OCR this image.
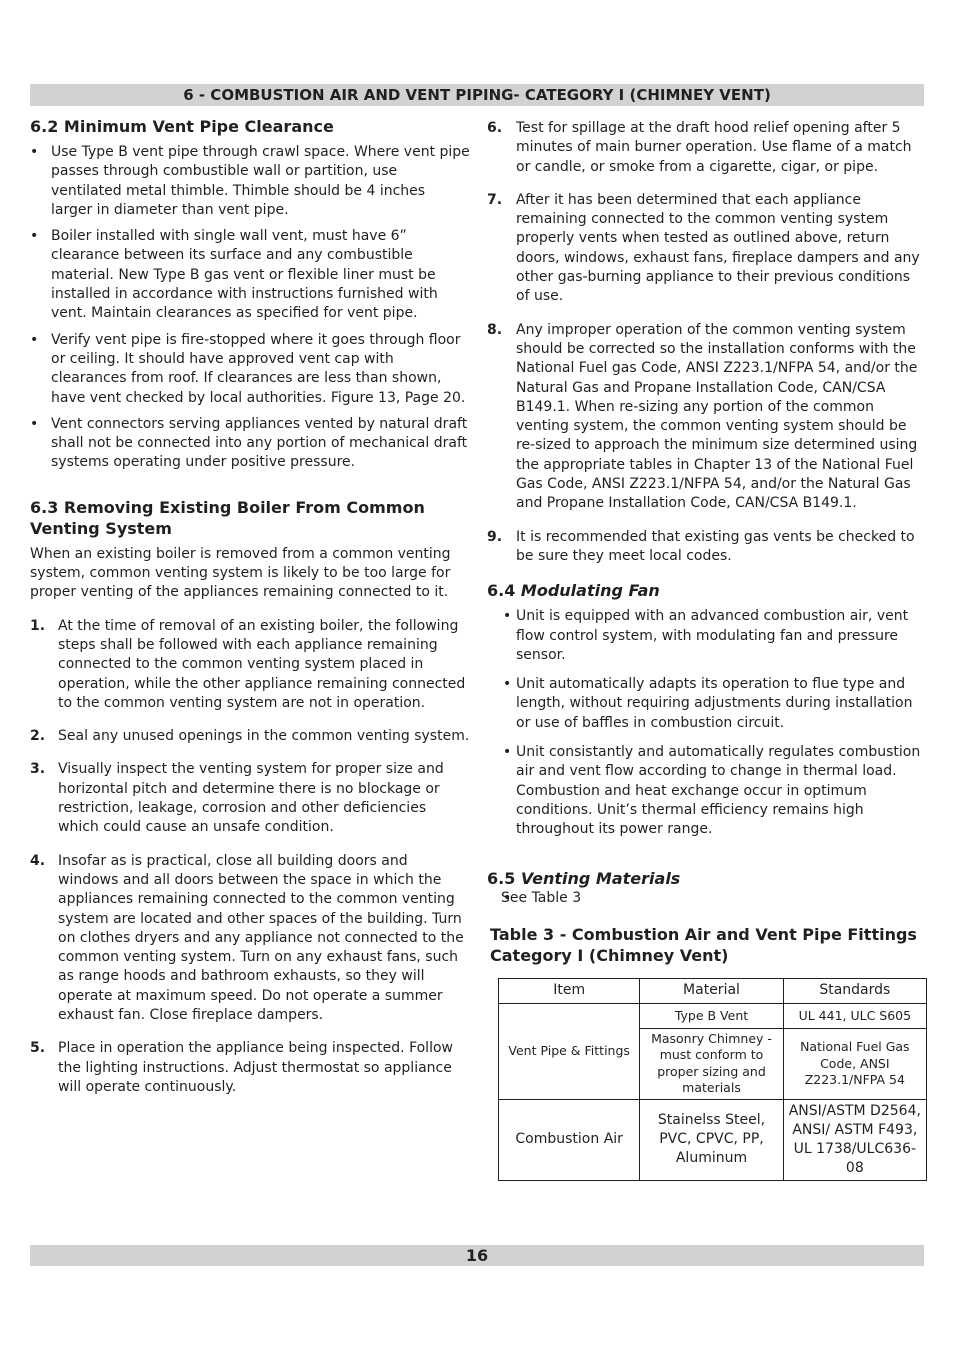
6 - COMBUSTION AIR AND VENT PIPING- CATEGORY I (CHIMNEY VENT)
6.2 Minimum Vent Pipe Clearance
• Use Type B vent pipe through crawl space. Where vent pipe passes through combustible wall or partition, use ventilated metal thimble. Thimble should be 4 inches larger in diameter than vent pipe.
• Boiler installed with single wall vent, must have 6” clearance between its surface and any combustible material. New Type B gas vent or flexible liner must be installed in accordance with instructions furnished with vent. Maintain clearances as specified for vent pipe.
• Verify vent pipe is fire-stopped where it goes through floor or ceiling. It should have approved vent cap with clearances from roof. If clearances are less than shown, have vent checked by local authorities. Figure 13, Page 20.
• Vent connectors serving appliances vented by natural draft shall not be connected into any portion of mechanical draft systems operating under positive pressure.
6.3 Removing Existing Boiler From Common Venting System

When an existing boiler is removed from a common venting system, common venting system is likely to be too large for proper venting of the appliances remaining connected to it.

1. At the time of removal of an existing boiler, the following steps shall be followed with each appliance remaining connected to the common venting system placed in operation, while the other appliance remaining connected to the common venting system are not in operation.
2. Seal any unused openings in the common venting system.
3. Visually inspect the venting system for proper size and horizontal pitch and determine there is no blockage or restriction, leakage, corrosion and other deficiencies which could cause an unsafe condition.
4. Insofar as is practical, close all building doors and windows and all doors between the space in which the appliances remaining connected to the common venting system are located and other spaces of the building. Turn on clothes dryers and any appliance not connected to the common venting system. Turn on any exhaust fans, such as range hoods and bathroom exhausts, so they will operate at maximum speed. Do not operate a summer exhaust fan. Close fireplace dampers.
5. Place in operation the appliance being inspected. Follow the lighting instructions. Adjust thermostat so appliance will operate continuously.
6. Test for spillage at the draft hood relief opening after 5 minutes of main burner operation. Use flame of a match or candle, or smoke from a cigarette, cigar, or pipe.
7. After it has been determined that each appliance remaining connected to the common venting system properly vents when tested as outlined above, return doors, windows, exhaust fans, fireplace dampers and any other gas-burning appliance to their previous conditions of use.
8. Any improper operation of the common venting system should be corrected so the installation conforms with the National Fuel gas Code, ANSI Z223.1/NFPA 54, and/or the Natural Gas and Propane Installation Code, CAN/CSA B149.1. When re-sizing any portion of the common venting system, the common venting system should be re-sized to approach the minimum size determined using the appropriate tables in Chapter 13 of the National Fuel Gas Code, ANSI Z223.1/NFPA 54, and/or the Natural Gas and Propane Installation Code, CAN/CSA B149.1.
9. It is recommended that existing gas vents be checked to be sure they meet local codes.
6.4 Modulating Fan
• Unit is equipped with an advanced combustion air, vent flow control system, with modulating fan and pressure sensor.
• Unit automatically adapts its operation to flue type and length, without requiring adjustments during installation or use of baffles in combustion circuit.
• Unit consistantly and automatically regulates combustion air and vent flow according to change in thermal load. Combustion and heat exchange occur in optimum conditions. Unit’s thermal efficiency remains high throughout its power range.
6.5 Venting Materials
• See Table 3
Table 3 - Combustion Air and Vent Pipe Fittings Category I (Chimney Vent)
Item	Material	Standards
Vent Pipe & Fittings	Type B Vent	UL 441, ULC S605
	Masonry Chimney - must conform to proper sizing and materials	National Fuel Gas Code, ANSI Z223.1/NFPA 54
Combustion Air	Stainelss Steel, PVC, CPVC, PP, Aluminum	ANSI/ASTM D2564, ANSI/ ASTM F493, UL 1738/ULC636-08
16
